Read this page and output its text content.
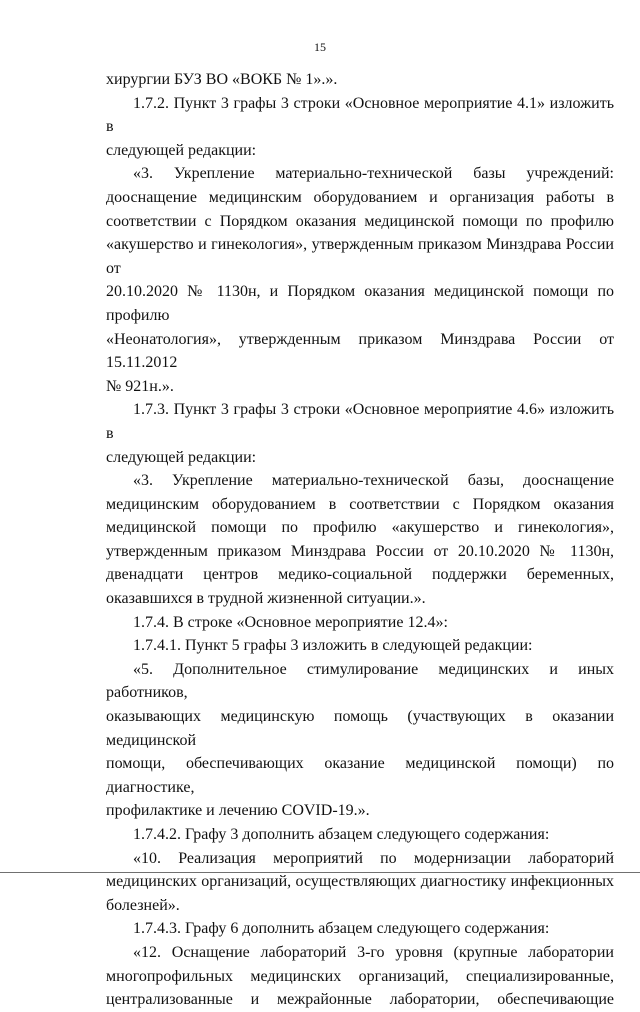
15

хирургии БУЗ ВО «ВОКБ № 1».».

1.7.2. Пункт 3 графы 3 строки «Основное мероприятие 4.1» изложить в

следующей редакции:

«3. Укрепление материально-технической базы учреждений:

дооснащение медицинским оборудованием и организация работы в

соответствии с Порядком оказания медицинской помощи по профилю

«акушерство и гинекология», утвержденным приказом Минздрава России от

20.10.2020 № 1130н, и Порядком оказания медицинской помощи по профилю

«Неонатология», утвержденным приказом Минздрава России от 15.11.2012

№ 921н.».

1.7.3. Пункт 3 графы 3 строки «Основное мероприятие 4.6» изложить в

следующей редакции:

«3. Укрепление материально-технической базы, дооснащение

медицинским оборудованием в соответствии с Порядком оказания

медицинской помощи по профилю «акушерство и гинекология»,

утвержденным приказом Минздрава России от 20.10.2020 № 1130н,

двенадцати центров медико-социальной поддержки беременных,

оказавшихся в трудной жизненной ситуации.».

1.7.4. В строке «Основное мероприятие 12.4»:

1.7.4.1. Пункт 5 графы 3 изложить в следующей редакции:

«5. Дополнительное стимулирование медицинских и иных работников,

оказывающих медицинскую помощь (участвующих в оказании медицинской

помощи, обеспечивающих оказание медицинской помощи) по диагностике,

профилактике и лечению COVID-19.».

1.7.4.2. Графу 3 дополнить абзацем следующего содержания:

«10. Реализация мероприятий по модернизации лабораторий

медицинских организаций, осуществляющих диагностику инфекционных

болезней».

1.7.4.3. Графу 6 дополнить абзацем следующего содержания:

«12. Оснащение лабораторий 3-го уровня (крупные лаборатории

многопрофильных медицинских организаций, специализированные,

централизованные и межрайонные лаборатории, обеспечивающие
